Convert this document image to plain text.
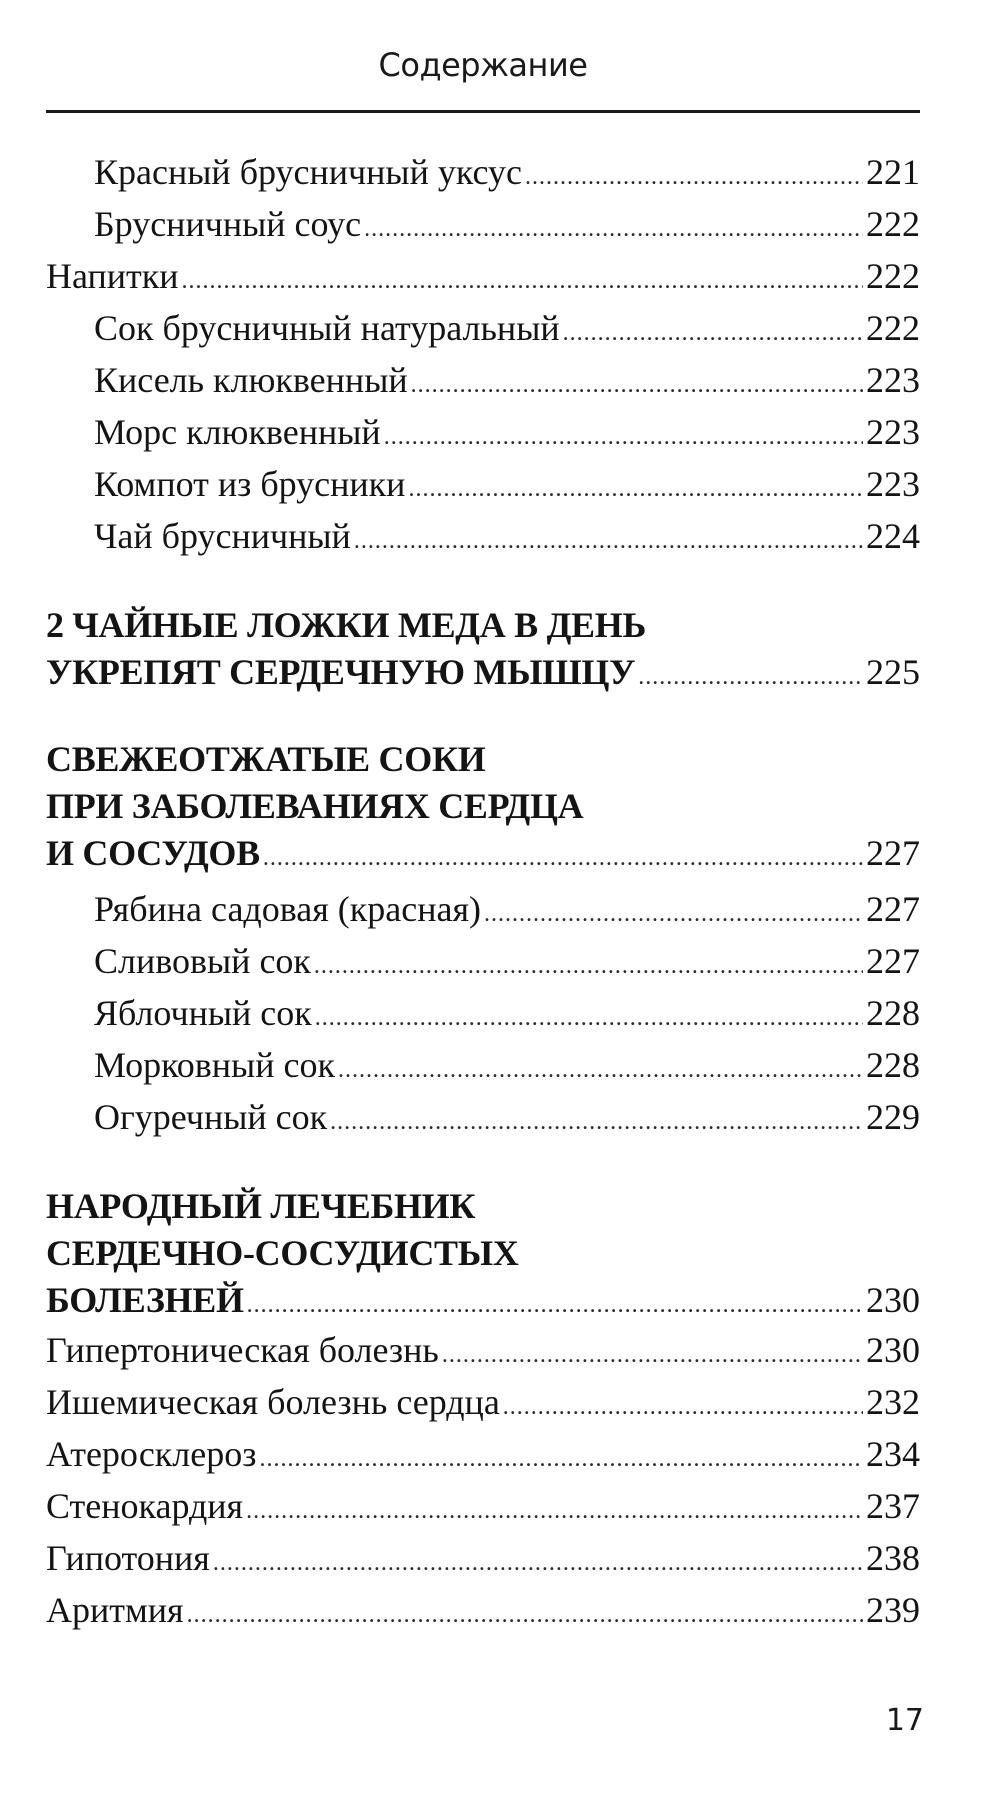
Содержание
Красный брусничный уксус .....	221
Брусничный соус .....	222
Напитки .....	222
Сок брусничный натуральный .....	222
Кисель клюквенный .....	223
Морс клюквенный .....	223
Компот из брусники .....	223
Чай брусничный .....	224
2 ЧАЙНЫЕ ЛОЖКИ МЕДА В ДЕНЬ
УКРЕПЯТ СЕРДЕЧНУЮ МЫШЦУ .....	225
СВЕЖЕОТЖАТЫЕ СОКИ
ПРИ ЗАБОЛЕВАНИЯХ СЕРДЦА
И СОСУДОВ .....	227
Рябина садовая (красная) .....	227
Сливовый сок .....	227
Яблочный сок .....	228
Морковный сок .....	228
Огуречный сок .....	229
НАРОДНЫЙ ЛЕЧЕБНИК
СЕРДЕЧНО-СОСУДИСТЫХ
БОЛЕЗНЕЙ .....	230
Гипертоническая болезнь .....	230
Ишемическая болезнь сердца .....	232
Атеросклероз .....	234
Стенокардия .....	237
Гипотония .....	238
Аритмия .....	239
17
